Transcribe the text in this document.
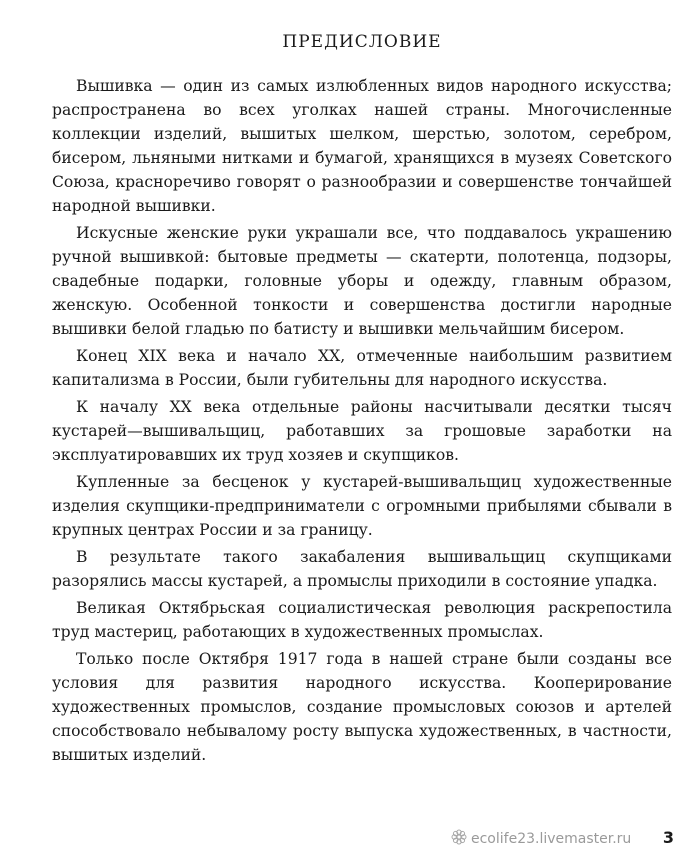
ПРЕДИСЛОВИЕ

Вышивка — один из самых излюбленных видов народного искусства; распространена во всех уголках нашей страны. Многочисленные коллекции изделий, вышитых шелком, шерстью, золотом, серебром, бисером, льняными нитками и бумагой, хранящихся в музеях Советского Союза, красноречиво говорят о разнообразии и совершенстве тончайшей народной вышивки.

Искусные женские руки украшали все, что поддавалось украшению ручной вышивкой: бытовые предметы — скатерти, полотенца, подзоры, свадебные подарки, головные уборы и одежду, главным образом, женскую. Особенной тонкости и совершенства достигли народные вышивки белой гладью по батисту и вышивки мельчайшим бисером.

Конец XIX века и начало XX, отмеченные наибольшим развитием капитализма в России, были губительны для народного искусства.

К началу XX века отдельные районы насчитывали десятки тысяч кустарей—вышивальщиц, работавших за грошовые заработки на эксплуатировавших их труд хозяев и скупщиков.

Купленные за бесценок у кустарей-вышивальщиц художественные изделия скупщики-предприниматели с огромными прибылями сбывали в крупных центрах России и за границу.

В результате такого закабаления вышивальщиц скупщиками разорялись массы кустарей, а промыслы приходили в состояние упадка.

Великая Октябрьская социалистическая революция раскрепостила труд мастериц, работающих в художественных промыслах.

Только после Октября 1917 года в нашей стране были созданы все условия для развития народного искусства. Кооперирование художественных промыслов, создание промысловых союзов и артелей способствовало небывалому росту выпуска художественных, в частности, вышитых изделий.

ecolife23.livemaster.ru 3
